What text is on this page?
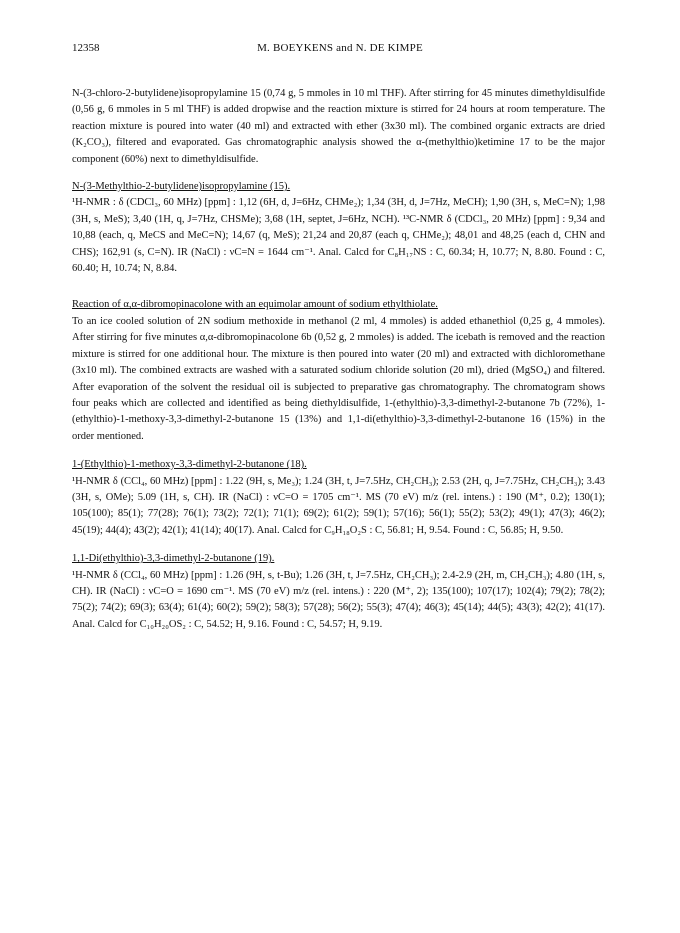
12358	M. BOEYKENS and N. DE KIMPE

N-(3-chloro-2-butylidene)isopropylamine 15 (0,74 g, 5 mmoles in 10 ml THF). After stirring for 45 minutes dimethyldisulfide (0,56 g, 6 mmoles in 5 ml THF) is added dropwise and the reaction mixture is stirred for 24 hours at room temperature. The reaction mixture is poured into water (40 ml) and extracted with ether (3x30 ml). The combined organic extracts are dried (K₂CO₃), filtered and evaporated. Gas chromatographic analysis showed the α-(methylthio)ketimine 17 to be the major component (60%) next to dimethyldisulfide.

N-(3-Methylthio-2-butylidene)isopropylamine (15).

¹H-NMR : δ (CDCl₃, 60 MHz) [ppm] : 1,12 (6H, d, J=6Hz, CHMe₂); 1,34 (3H, d, J=7Hz, MeCH); 1,90 (3H, s, MeC=N); 1,98 (3H, s, MeS); 3,40 (1H, q, J=7Hz, CHSMe); 3,68 (1H, septet, J=6Hz, NCH). ¹³C-NMR δ (CDCl₃, 20 MHz) [ppm] : 9,34 and 10,88 (each, q, MeCS and MeC=N); 14,67 (q, MeS); 21,24 and 20,87 (each q, CHMe₂); 48,01 and 48,25 (each d, CHN and CHS); 162,91 (s, C=N). IR (NaCl) : νC=N = 1644 cm⁻¹. Anal. Calcd for C₈H₁₇NS : C, 60.34; H, 10.77; N, 8.80. Found : C, 60.40; H, 10.74; N, 8.84.

Reaction of α,α-dibromopinacolone with an equimolar amount of sodium ethylthiolate.

To an ice cooled solution of 2N sodium methoxide in methanol (2 ml, 4 mmoles) is added ethanethiol (0,25 g, 4 mmoles). After stirring for five minutes α,α-dibromopinacolone 6b (0,52 g, 2 mmoles) is added. The icebath is removed and the reaction mixture is stirred for one additional hour. The mixture is then poured into water (20 ml) and extracted with dichloromethane (3x10 ml). The combined extracts are washed with a saturated sodium chloride solution (20 ml), dried (MgSO₄) and filtered. After evaporation of the solvent the residual oil is subjected to preparative gas chromatography. The chromatogram shows four peaks which are collected and identified as being diethyldisulfide, 1-(ethylthio)-3,3-dimethyl-2-butanone 7b (72%), 1-(ethylthio)-1-methoxy-3,3-dimethyl-2-butanone 15 (13%) and 1,1-di(ethylthio)-3,3-dimethyl-2-butanone 16 (15%) in the order mentioned.

1-(Ethylthio)-1-methoxy-3,3-dimethyl-2-butanone (18).

¹H-NMR δ (CCl₄, 60 MHz) [ppm] : 1.22 (9H, s, Me₃); 1.24 (3H, t, J=7.5Hz, CH₂CH₃); 2.53 (2H, q, J=7.75Hz, CH₂CH₃); 3.43 (3H, s, OMe); 5.09 (1H, s, CH). IR (NaCl) : νC=O = 1705 cm⁻¹. MS (70 eV) m/z (rel. intens.) : 190 (M⁺, 0.2); 130(1); 105(100); 85(1); 77(28); 76(1); 73(2); 72(1); 71(1); 69(2); 61(2); 59(1); 57(16); 56(1); 55(2); 53(2); 49(1); 47(3); 46(2); 45(19); 44(4); 43(2); 42(1); 41(14); 40(17). Anal. Calcd for C₉H₁₈O₂S : C, 56.81; H, 9.54. Found : C, 56.85; H, 9.50.

1,1-Di(ethylthio)-3,3-dimethyl-2-butanone (19).

¹H-NMR δ (CCl₄, 60 MHz) [ppm] : 1.26 (9H, s, t-Bu); 1.26 (3H, t, J=7.5Hz, CH₂CH₃); 2.4-2.9 (2H, m, CH₂CH₃); 4.80 (1H, s, CH). IR (NaCl) : νC=O = 1690 cm⁻¹. MS (70 eV) m/z (rel. intens.) : 220 (M⁺, 2); 135(100); 107(17); 102(4); 79(2); 78(2); 75(2); 74(2); 69(3); 63(4); 61(4); 60(2); 59(2); 58(3); 57(28); 56(2); 55(3); 47(4); 46(3); 45(14); 44(5); 43(3); 42(2); 41(17). Anal. Calcd for C₁₀H₂₀OS₂ : C, 54.52; H, 9.16. Found : C, 54.57; H, 9.19.
